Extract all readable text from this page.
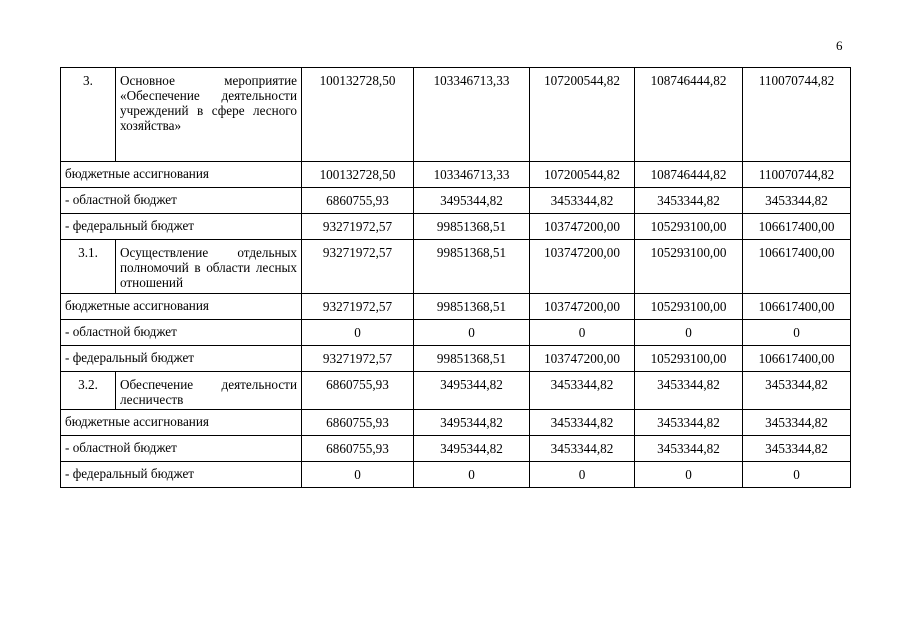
6
3.	Основное мероприятие «Обеспечение деятельности учреждений в сфере лесного хозяйства»	100132728,50	103346713,33	107200544,82	108746444,82	110070744,82
бюджетные ассигнования		100132728,50	103346713,33	107200544,82	108746444,82	110070744,82
- областной бюджет		6860755,93	3495344,82	3453344,82	3453344,82	3453344,82
- федеральный бюджет		93271972,57	99851368,51	103747200,00	105293100,00	106617400,00
3.1.	Осуществление отдельных полномочий в области лесных отношений	93271972,57	99851368,51	103747200,00	105293100,00	106617400,00
бюджетные ассигнования		93271972,57	99851368,51	103747200,00	105293100,00	106617400,00
- областной бюджет		0	0	0	0	0
- федеральный бюджет		93271972,57	99851368,51	103747200,00	105293100,00	106617400,00
3.2.	Обеспечение деятельности лесничеств	6860755,93	3495344,82	3453344,82	3453344,82	3453344,82
бюджетные ассигнования		6860755,93	3495344,82	3453344,82	3453344,82	3453344,82
- областной бюджет		6860755,93	3495344,82	3453344,82	3453344,82	3453344,82
- федеральный бюджет		0	0	0	0	0
